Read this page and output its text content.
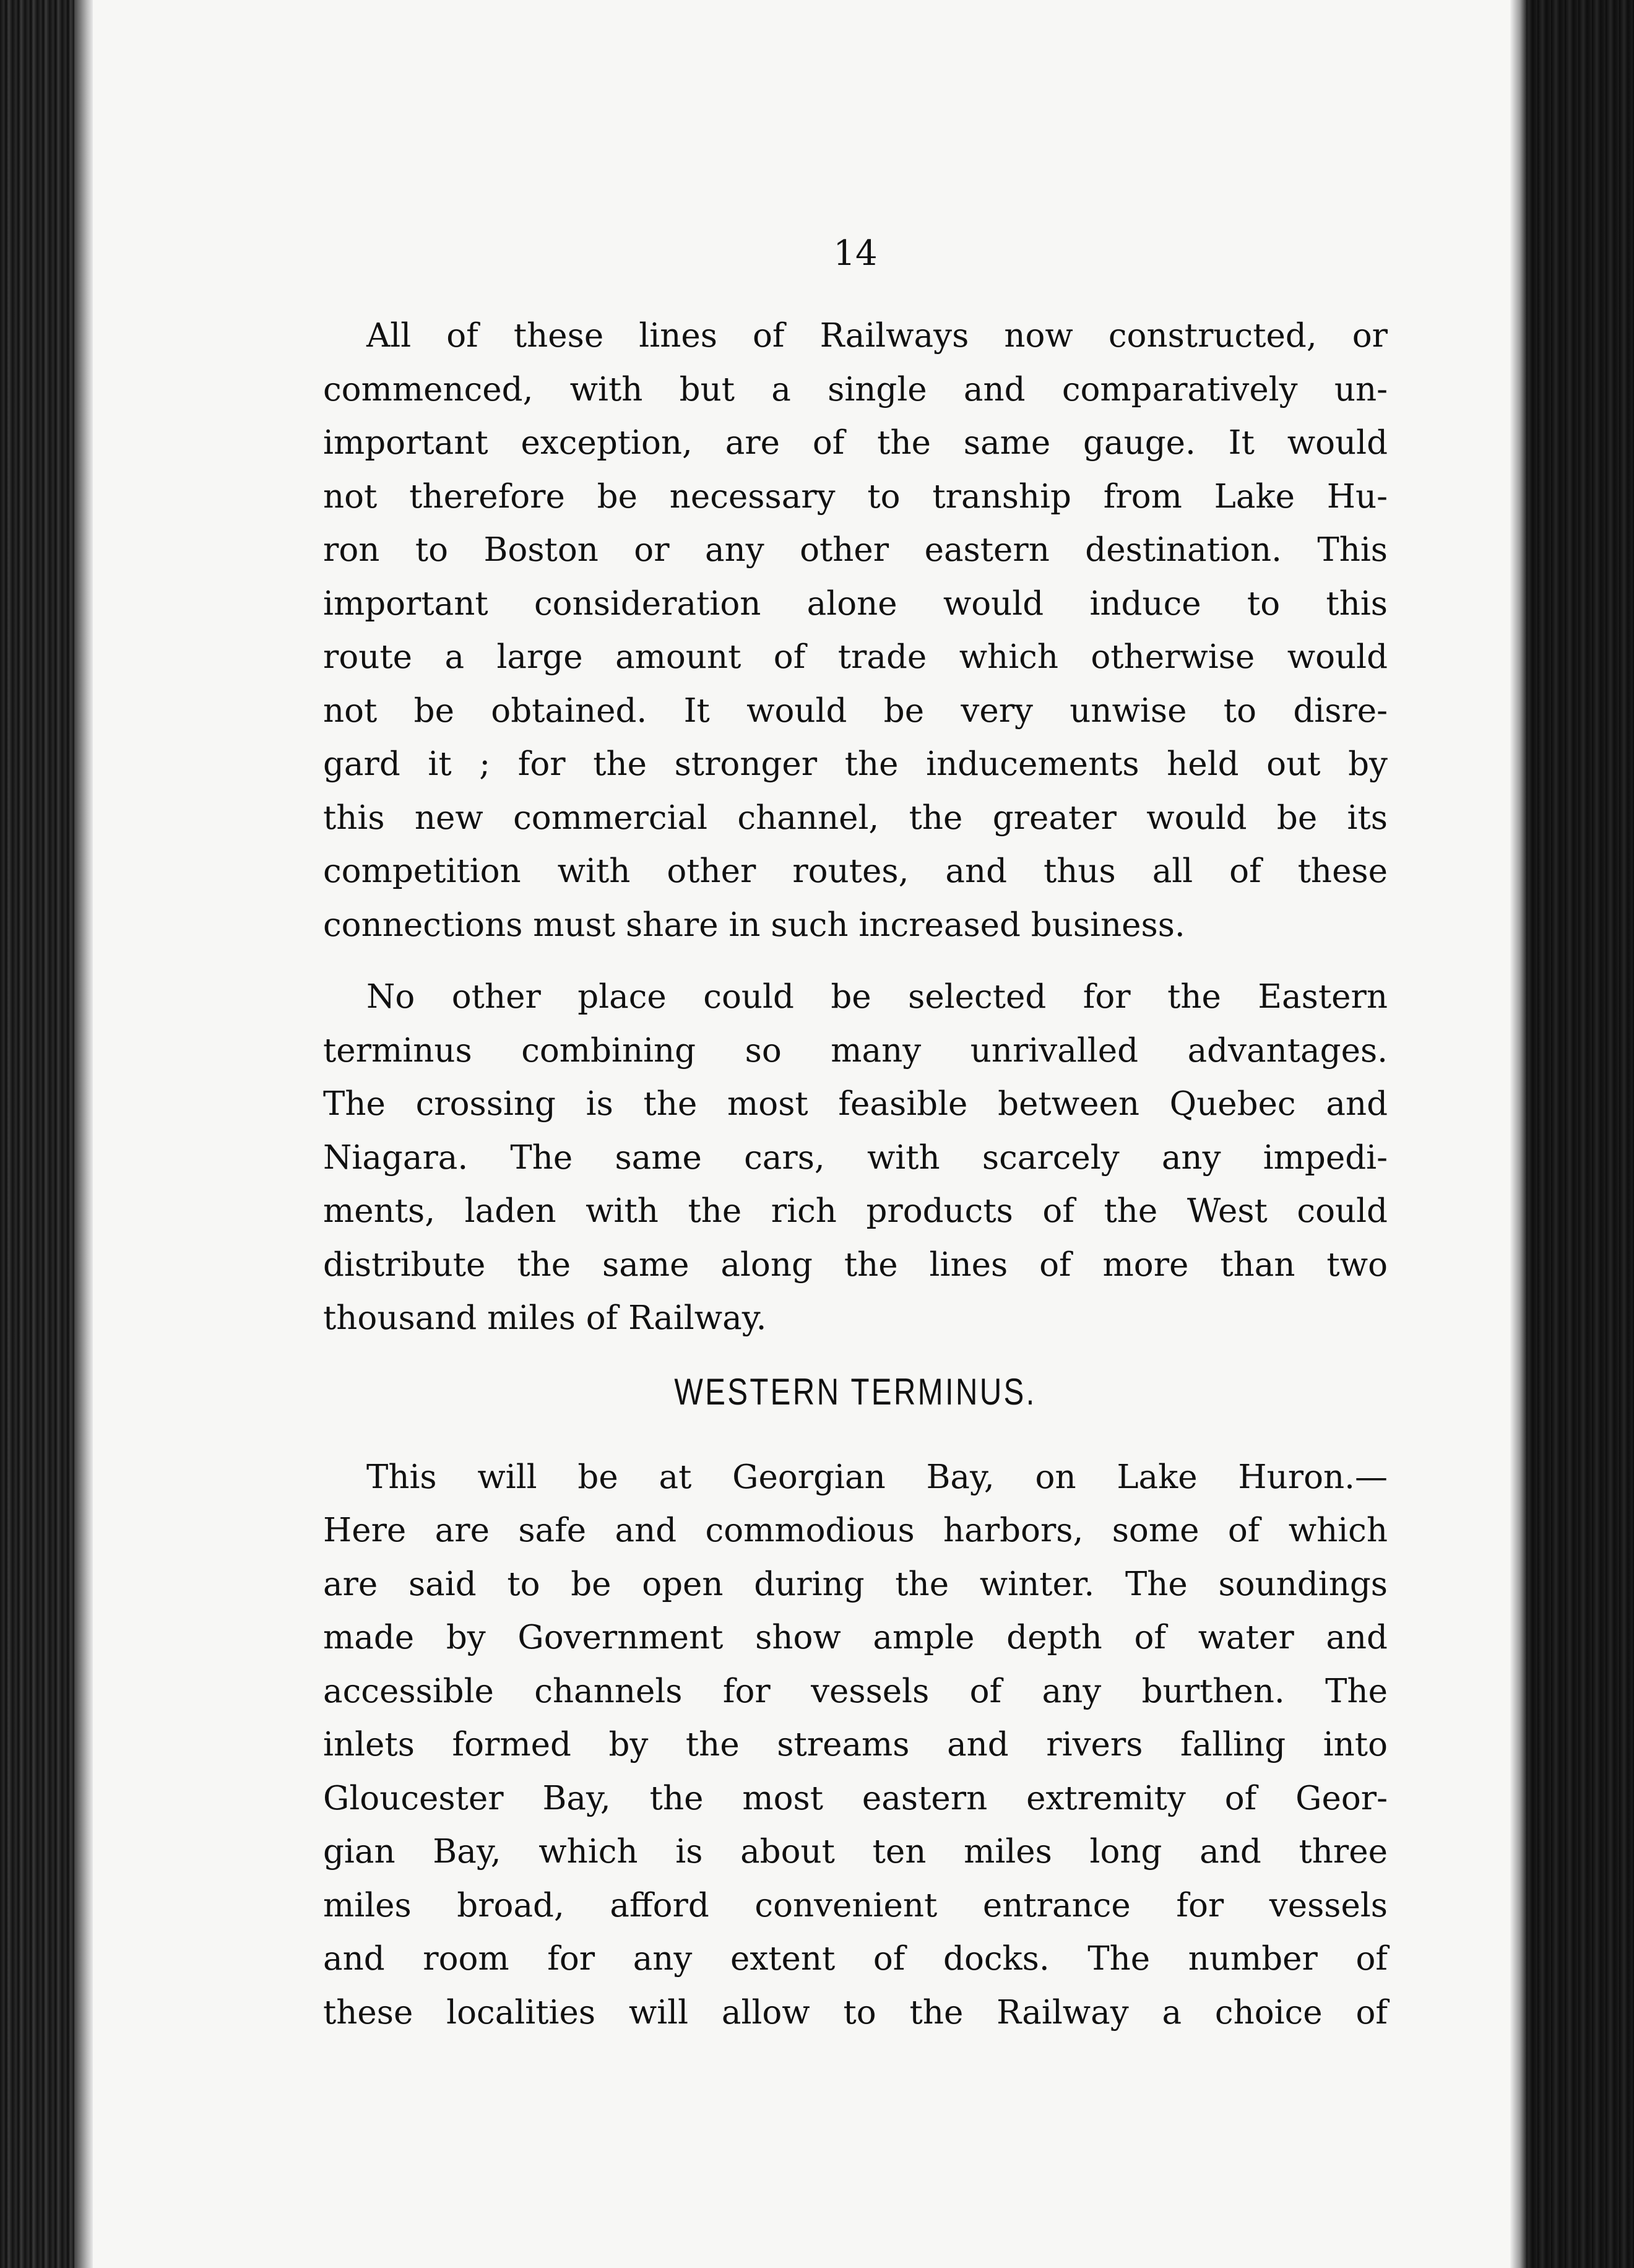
14
All of these lines of Railways now constructed, or
commenced, with but a single and comparatively un-
important exception, are of the same gauge. It would
not therefore be necessary to tranship from Lake Hu-
ron to Boston or any other eastern destination. This
important consideration alone would induce to this
route a large amount of trade which otherwise would
not be obtained. It would be very unwise to disre-
gard it ; for the stronger the inducements held out by
this new commercial channel, the greater would be its
competition with other routes, and thus all of these
connections must share in such increased business.
No other place could be selected for the Eastern
terminus combining so many unrivalled advantages.
The crossing is the most feasible between Quebec and
Niagara. The same cars, with scarcely any impedi-
ments, laden with the rich products of the West could
distribute the same along the lines of more than two
thousand miles of Railway.
WESTERN TERMINUS.
This will be at Georgian Bay, on Lake Huron.—
Here are safe and commodious harbors, some of which
are said to be open during the winter. The soundings
made by Government show ample depth of water and
accessible channels for vessels of any burthen. The
inlets formed by the streams and rivers falling into
Gloucester Bay, the most eastern extremity of Geor-
gian Bay, which is about ten miles long and three
miles broad, afford convenient entrance for vessels
and room for any extent of docks. The number of
these localities will allow to the Railway a choice of
